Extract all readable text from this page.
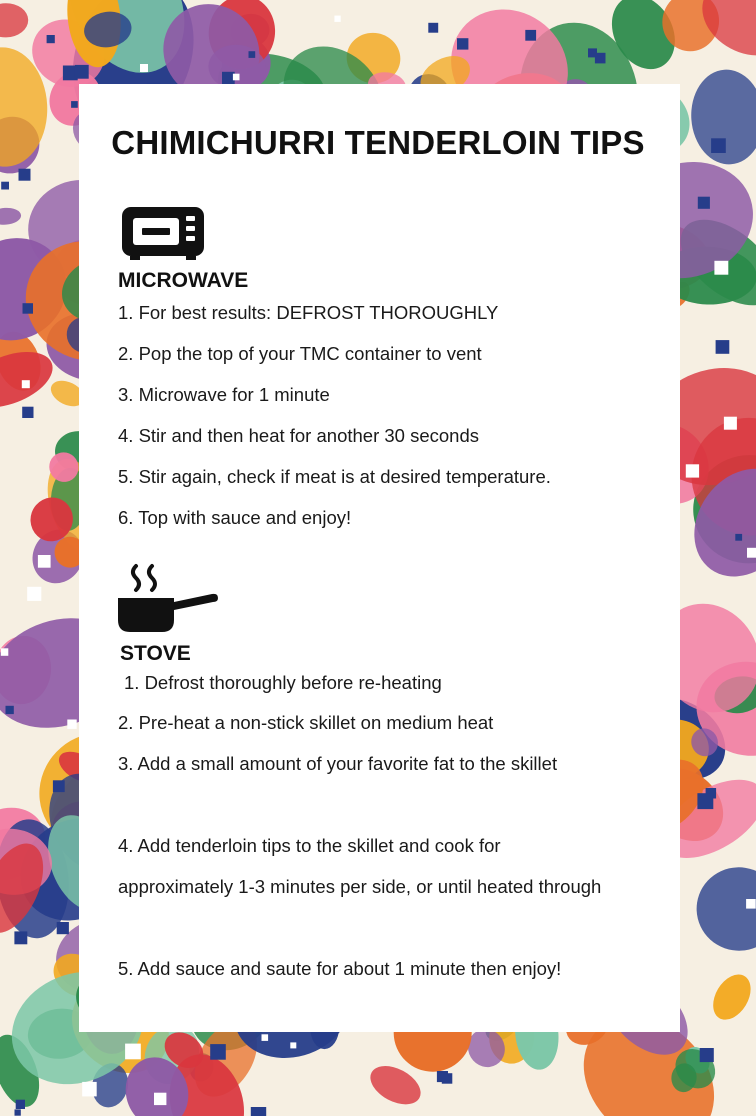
CHIMICHURRI TENDERLOIN TIPS
MICROWAVE
1. For best results: DEFROST THOROUGHLY
2. Pop the top of your TMC container to vent
3. Microwave for 1 minute
4. Stir and then heat for another 30 seconds
5. Stir again, check if meat is at desired temperature.
6. Top with sauce and enjoy!
STOVE
1. Defrost thoroughly before re-heating
2. Pre-heat a non-stick skillet on medium heat
3. Add a small amount of your favorite fat to the skillet
4. Add tenderloin tips to the skillet and cook for approximately 1-3 minutes per side, or until heated through
5. Add sauce and saute for about 1 minute then enjoy!
